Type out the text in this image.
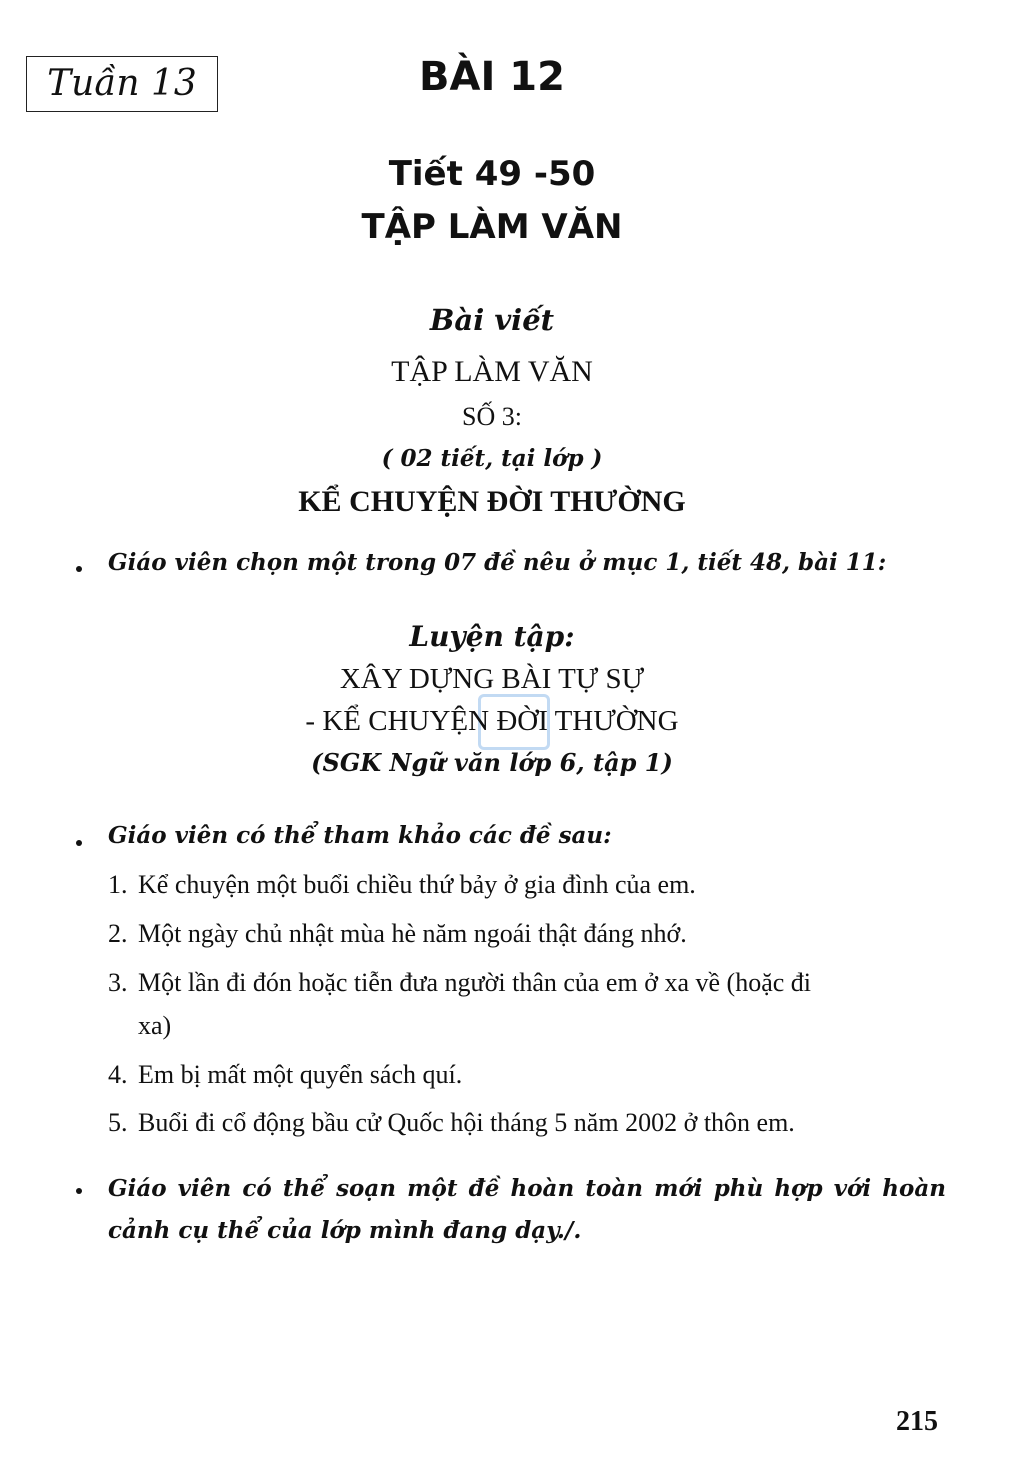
Tuần 13	BÀI 12
Tiết 49 -50
TẬP LÀM VĂN
Bài viết
TẬP LÀM VĂN
SỐ 3:
( 02 tiết, tại lớp )
KỂ CHUYỆN ĐỜI THƯỜNG
Giáo viên chọn một trong 07 đề nêu ở mục 1, tiết 48, bài 11:
Luyện tập:
XÂY DỰNG BÀI TỰ SỰ
- KỂ CHUYỆN ĐỜI THƯỜNG
(SGK Ngữ văn lớp 6, tập 1)
Giáo viên có thể tham khảo các đề sau:
1. Kể chuyện một buổi chiều thứ bảy ở gia đình của em.
2. Một ngày chủ nhật mùa hè năm ngoái thật đáng nhớ.
3. Một lần đi đón hoặc tiễn đưa người thân của em ở xa về (hoặc đi
xa)
4. Em bị mất một quyển sách quí.
5. Buổi đi cổ động bầu cử Quốc hội tháng 5 năm 2002 ở thôn em.
Giáo viên có thể soạn một đề hoàn toàn mới phù hợp với hoàn cảnh cụ thể của lớp mình đang dạy./.
215
